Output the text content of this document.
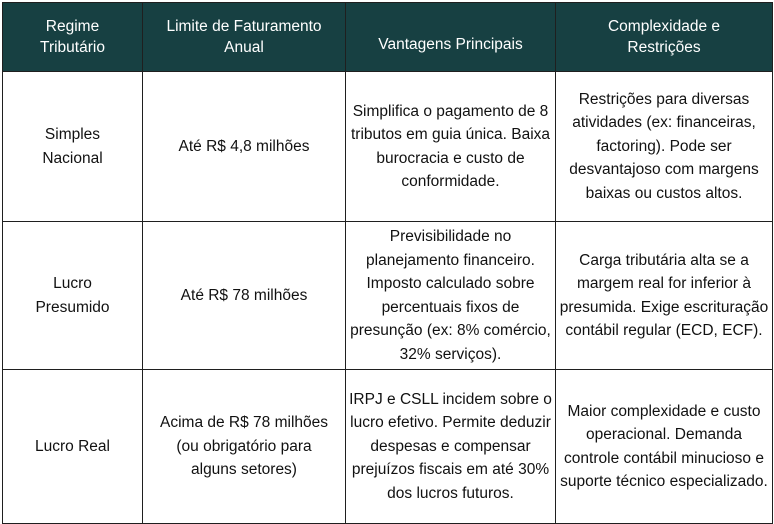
Regime Tributário	Limite de Faturamento Anual	Vantagens Principais	Complexidade e Restrições
Simples Nacional	Até R$ 4,8 milhões	Simplifica o pagamento de 8 tributos em guia única. Baixa burocracia e custo de conformidade.	Restrições para diversas atividades (ex: financeiras, factoring). Pode ser desvantajoso com margens baixas ou custos altos.
Lucro Presumido	Até R$ 78 milhões	Previsibilidade no planejamento financeiro. Imposto calculado sobre percentuais fixos de presunção (ex: 8% comércio, 32% serviços).	Carga tributária alta se a margem real for inferior à presumida. Exige escrituração contábil regular (ECD, ECF).
Lucro Real	Acima de R$ 78 milhões (ou obrigatório para alguns setores)	IRPJ e CSLL incidem sobre o lucro efetivo. Permite deduzir despesas e compensar prejuízos fiscais em até 30% dos lucros futuros.	Maior complexidade e custo operacional. Demanda controle contábil minucioso e suporte técnico especializado.
